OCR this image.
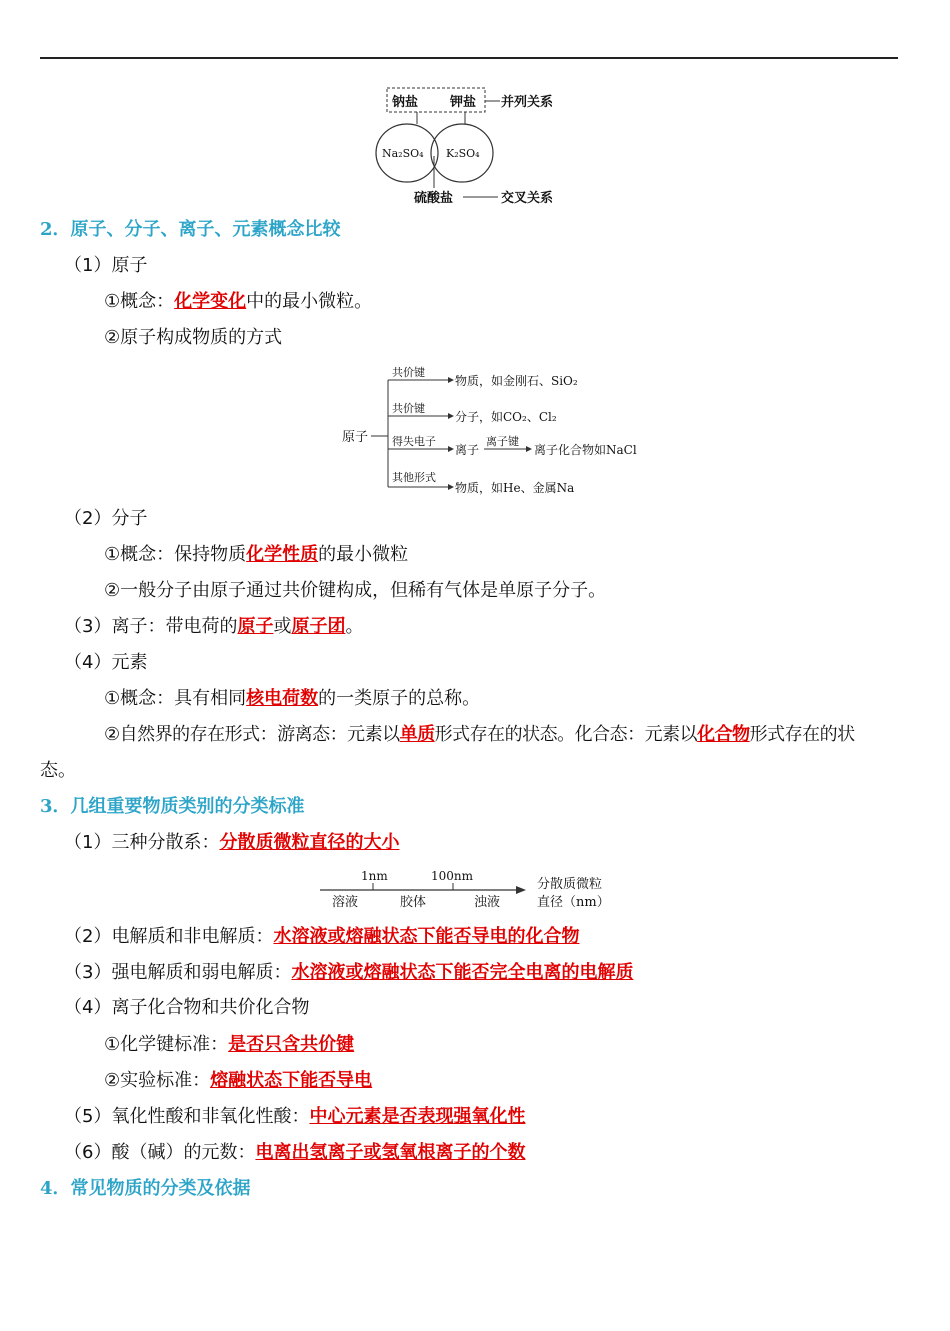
钠盐 钾盐 并列关系
Na₂SO₄ K₂SO₄
硫酸盐	交叉关系
2．原子、分子、离子、元素概念比较
（1）原子
①概念：化学变化中的最小微粒。
②原子构成物质的方式
原子
共价键
物质，如金刚石、SiO₂
共价键
分子，如CO₂、Cl₂
得失电子
离子
离子键
离子化合物如NaCl
其他形式
物质，如He、金属Na
（2）分子
①概念：保持物质化学性质的最小微粒
②一般分子由原子通过共价键构成，但稀有气体是单原子分子。
（3）离子：带电荷的原子或原子团。
（4）元素
①概念：具有相同核电荷数的一类原子的总称。
②自然界的存在形式：游离态：元素以单质形式存在的状态。化合态：元素以化合物形式存在的状
态。
3．几组重要物质类别的分类标准
（1）三种分散系：分散质微粒直径的大小
1nm	100nm
溶液	胶体	浊液
分散质微粒
直径（nm）
（2）电解质和非电解质：水溶液或熔融状态下能否导电的化合物
（3）强电解质和弱电解质：水溶液或熔融状态下能否完全电离的电解质
（4）离子化合物和共价化合物
①化学键标准：是否只含共价键
②实验标准：熔融状态下能否导电
（5）氧化性酸和非氧化性酸：中心元素是否表现强氧化性
（6）酸（碱）的元数：电离出氢离子或氢氧根离子的个数
4．常见物质的分类及依据
